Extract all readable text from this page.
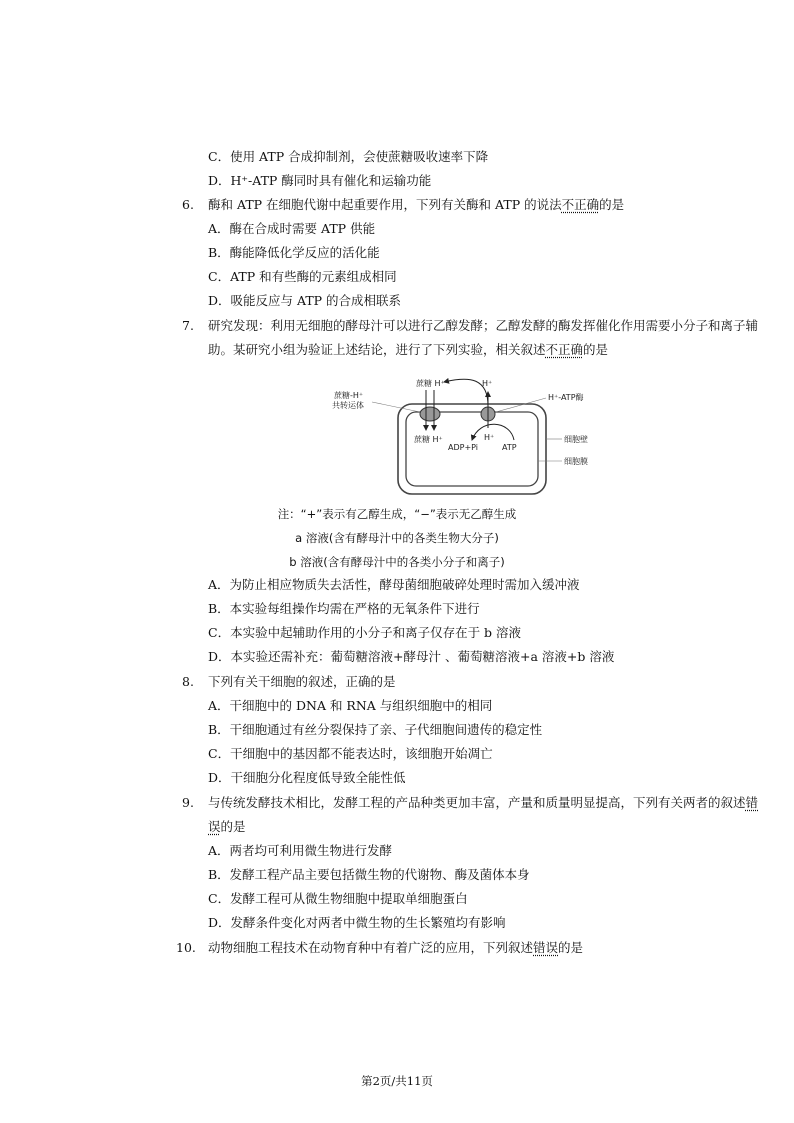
C．使用 ATP 合成抑制剂，会使蔗糖吸收速率下降
D．H⁺-ATP 酶同时具有催化和运输功能
6. 酶和 ATP 在细胞代谢中起重要作用，下列有关酶和 ATP 的说法不正确的是
A．酶在合成时需要 ATP 供能
B．酶能降低化学反应的活化能
C．ATP 和有些酶的元素组成相同
D．吸能反应与 ATP 的合成相联系
7. 研究发现：利用无细胞的酵母汁可以进行乙醇发酵；乙醇发酵的酶发挥催化作用需要小分子和离子辅
助。某研究小组为验证上述结论，进行了下列实验，相关叙述不正确的是
蔗糖 H⁺	H⁺
蔗糖-H⁺
共转运体
H⁺-ATP酶
蔗糖 H⁺	H⁺
ADP+Pi	ATP
细胞壁
细胞膜
注：“+”表示有乙醇生成，“−”表示无乙醇生成
a 溶液(含有酵母汁中的各类生物大分子)
b 溶液(含有酵母汁中的各类小分子和离子)
A．为防止相应物质失去活性，酵母菌细胞破碎处理时需加入缓冲液
B．本实验每组操作均需在严格的无氧条件下进行
C．本实验中起辅助作用的小分子和离子仅存在于 b 溶液
D．本实验还需补充：葡萄糖溶液+酵母汁 、葡萄糖溶液+a 溶液+b 溶液
8. 下列有关干细胞的叙述，正确的是
A．干细胞中的 DNA 和 RNA 与组织细胞中的相同
B．干细胞通过有丝分裂保持了亲、子代细胞间遗传的稳定性
C．干细胞中的基因都不能表达时，该细胞开始凋亡
D．干细胞分化程度低导致全能性低
9. 与传统发酵技术相比，发酵工程的产品种类更加丰富，产量和质量明显提高，下列有关两者的叙述错
误的是
A．两者均可利用微生物进行发酵
B．发酵工程产品主要包括微生物的代谢物、酶及菌体本身
C．发酵工程可从微生物细胞中提取单细胞蛋白
D．发酵条件变化对两者中微生物的生长繁殖均有影响
10. 动物细胞工程技术在动物育种中有着广泛的应用，下列叙述错误的是
第2页/共11页
